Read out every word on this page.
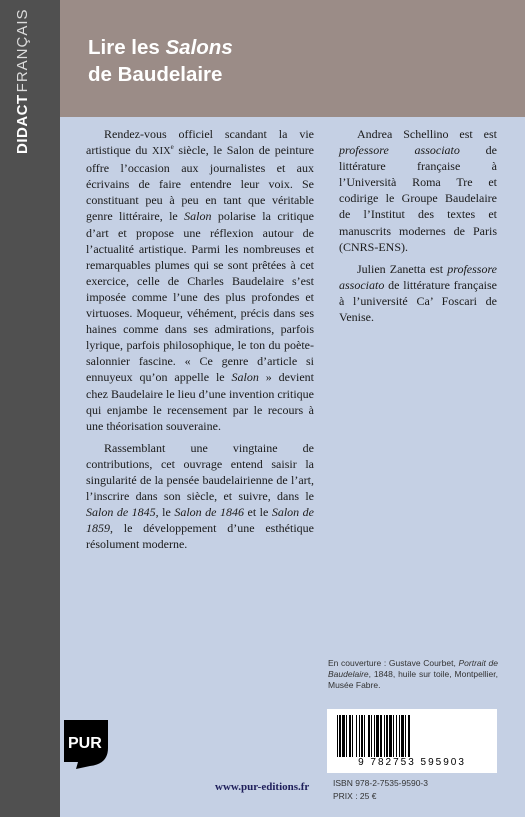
DIDACTFRANÇAIS	Lire les Salons
de Baudelaire

Rendez-vous officiel scandant la vie artistique du XIXe siècle, le Salon de peinture offre l’occasion aux journalistes et aux écrivains de faire entendre leur voix. Se constituant peu à peu en tant que véritable genre littéraire, le Salon polarise la critique d’art et propose une réflexion autour de l’actualité artistique. Parmi les nombreuses et remarquables plumes qui se sont prêtées à cet exercice, celle de Charles Baudelaire s’est imposée comme l’une des plus profondes et virtuoses. Moqueur, véhément, précis dans ses haines comme dans ses admirations, parfois lyrique, parfois philosophique, le ton du poète-salonnier fascine. « Ce genre d’article si ennuyeux qu’on appelle le Salon » devient chez Baudelaire le lieu d’une invention critique qui enjambe le recensement par le recours à une théorisation souveraine.

Rassemblant une vingtaine de contributions, cet ouvrage entend saisir la singularité de la pensée baudelairienne de l’art, l’inscrire dans son siècle, et suivre, dans le Salon de 1845, le Salon de 1846 et le Salon de 1859, le développement d’une esthétique résolument moderne.

Andrea Schellino est est professore associato de littérature française à l’Università Roma Tre et codirige le Groupe Baudelaire de l’Institut des textes et manuscrits modernes de Paris (CNRS-ENS).

Julien Zanetta est professore associato de littérature française à l’université Ca’ Foscari de Venise.

En couverture : Gustave Courbet, Portrait de Baudelaire, 1848, huile sur toile, Montpellier, Musée Fabre.
PUR
9 782753 595903
ISBN 978-2-7535-9590-3
PRIX : 25 €
www.pur-editions.fr
